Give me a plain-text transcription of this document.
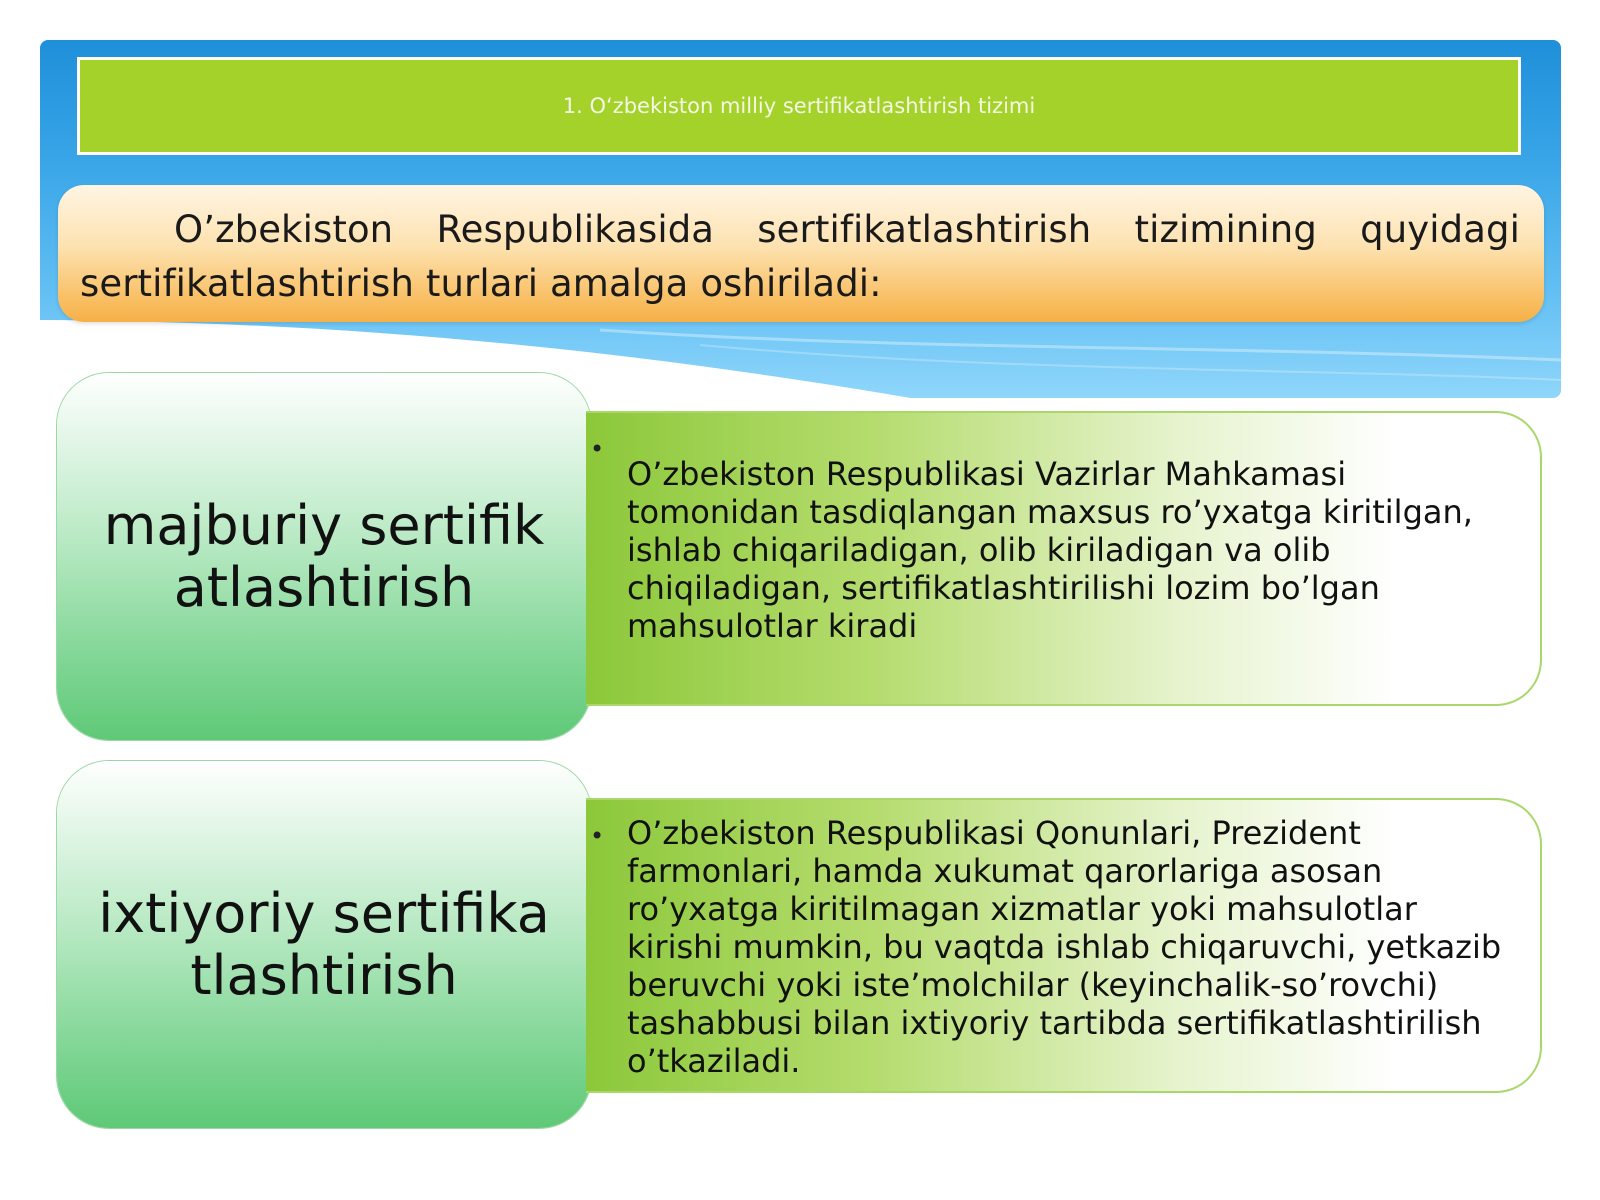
1. O‘zbekiston milliy sertifikatlashtirish tizimi
O’zbekiston Respublikasida sertifikatlashtirish tizimining quyidagi sertifikatlashtirish turlari amalga oshiriladi:
majburiy sertifikatlashtirish
•
O’zbekiston Respublikasi Vazirlar Mahkamasi tomonidan tasdiqlangan maxsus ro’yxatga kiritilgan, ishlab chiqariladigan, olib kiriladigan va olib chiqiladigan, sertifikatlashtirilishi lozim bo’lgan mahsulotlar kiradi
ixtiyoriy sertifikatlashtirish
• O’zbekiston Respublikasi Qonunlari, Prezident farmonlari, hamda xukumat qarorlariga asosan ro’yxatga kiritilmagan xizmatlar yoki mahsulotlar kirishi mumkin, bu vaqtda ishlab chiqaruvchi, yetkazib beruvchi yoki iste’molchilar (keyinchalik-so’rovchi) tashabbusi bilan ixtiyoriy tartibda sertifikatlashtirilish o’tkaziladi.
